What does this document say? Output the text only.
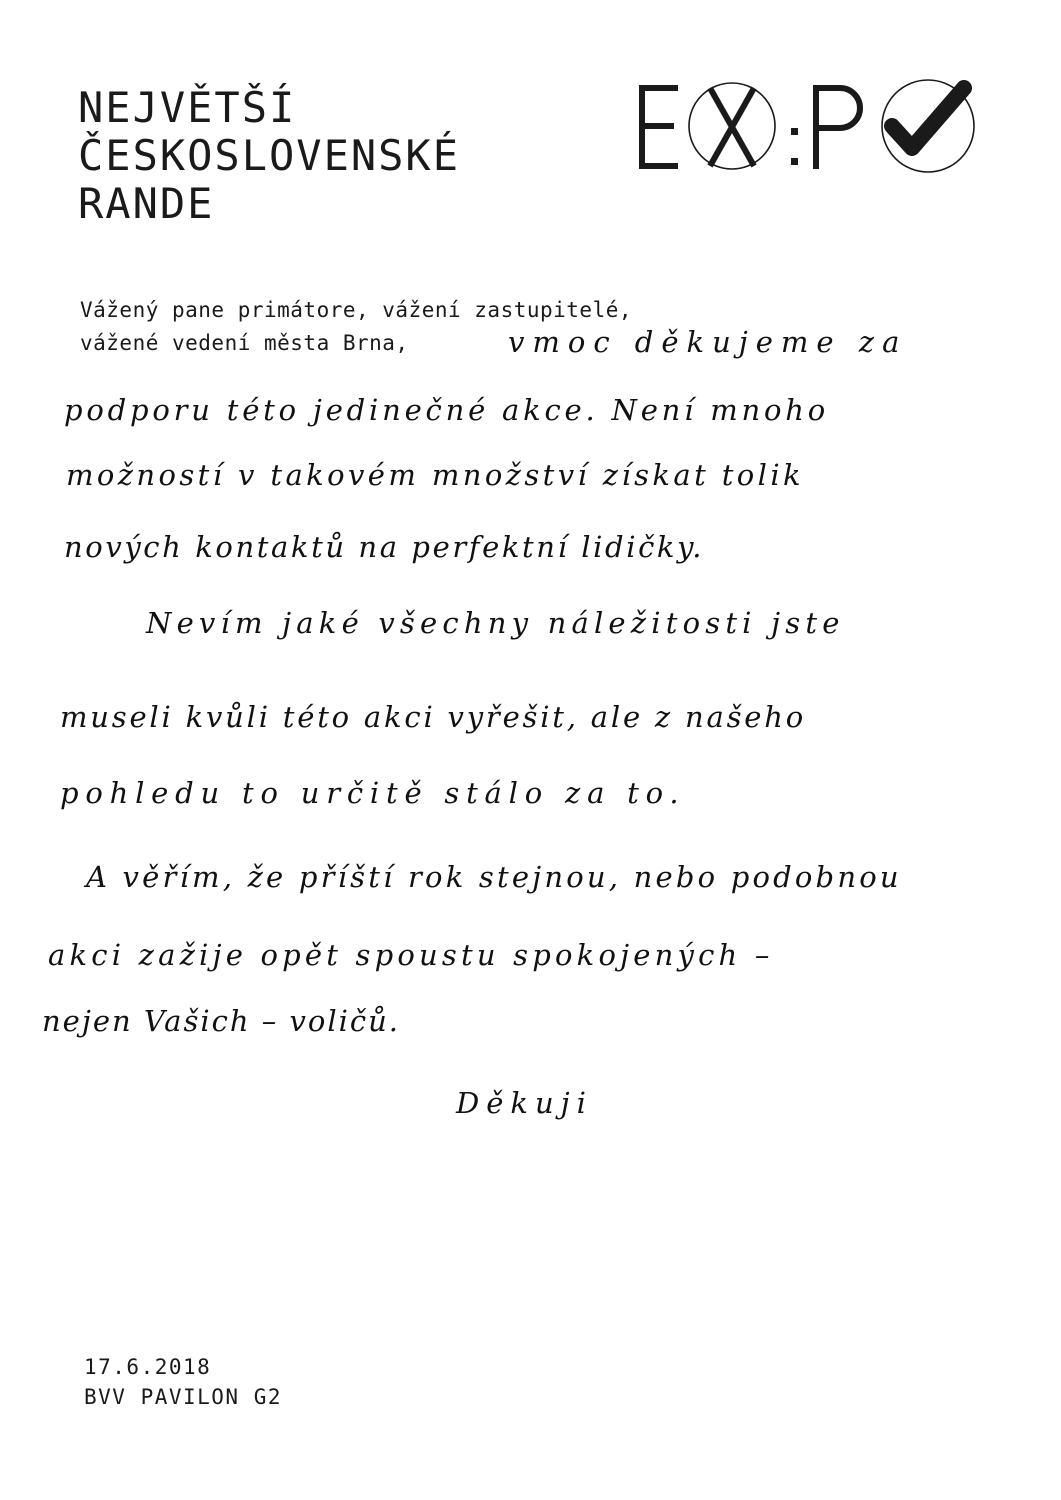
NEJVĚTŠÍ
ČESKOSLOVENSKÉ
RANDE
Vážený pane primátore, vážení zastupitelé,
vážené vedení města Brna,	vmoc děkujeme za
podporu této jedinečné akce. Není mnoho
možností v takovém množství získat tolik
nových kontaktů na perfektní lidičky.
Nevím jaké všechny náležitosti jste
museli kvůli této akci vyřešit, ale z našeho
pohledu to určitě stálo za to.
A věřím, že příští rok stejnou, nebo podobnou
akci zažije opět spoustu spokojených –
nejen Vašich – voličů.
Děkuji
17.6.2018
BVV PAVILON G2
